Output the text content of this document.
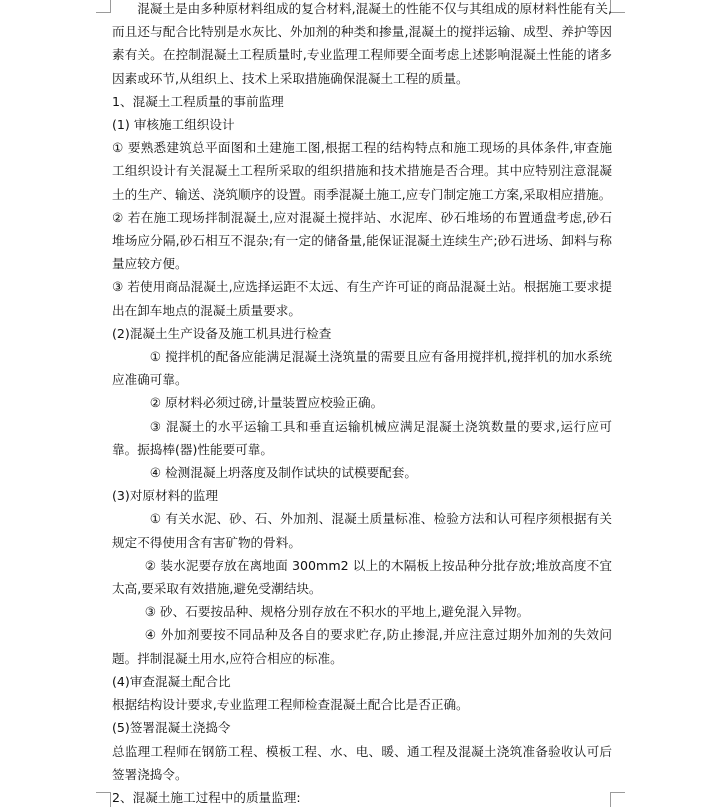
混凝土是由多种原材料组成的复合材料,混凝土的性能不仅与其组成的原材料性能有关,而且还与配合比特别是水灰比、外加剂的种类和掺量,混凝土的搅拌运输、成型、养护等因素有关。在控制混凝土工程质量时,专业监理工程师要全面考虑上述影响混凝土性能的诸多因素或环节,从组织上、技术上采取措施确保混凝土工程的质量。

1、混凝土工程质量的事前监理

(1) 审核施工组织设计

① 要熟悉建筑总平面图和土建施工图,根据工程的结构特点和施工现场的具体条件,审查施工组织设计有关混凝土工程所采取的组织措施和技术措施是否合理。其中应特别注意混凝土的生产、输送、浇筑顺序的设置。雨季混凝土施工,应专门制定施工方案,采取相应措施。

② 若在施工现场拌制混凝土,应对混凝土搅拌站、水泥库、砂石堆场的布置通盘考虑,砂石堆场应分隔,砂石相互不混杂;有一定的储备量,能保证混凝土连续生产;砂石进场、卸料与称量应较方便。

③ 若使用商品混凝土,应选择运距不太远、有生产许可证的商品混凝土站。根据施工要求提出在卸车地点的混凝土质量要求。

(2)混凝土生产设备及施工机具进行检查

① 搅拌机的配备应能满足混凝土浇筑量的需要且应有备用搅拌机,搅拌机的加水系统应准确可靠。

② 原材料必须过磅,计量装置应校验正确。

③ 混凝土的水平运输工具和垂直运输机械应满足混凝土浇筑数量的要求,运行应可靠。振捣棒(器)性能要可靠。

④ 检测混凝上坍落度及制作试块的试模要配套。

(3)对原材料的监理

① 有关水泥、砂、石、外加剂、混凝土质量标准、检验方法和认可程序须根据有关规定不得使用含有害矿物的骨料。

② 装水泥要存放在离地面 300mm2 以上的木隔板上按品种分批存放;堆放高度不宜太高,要采取有效措施,避免受潮结块。

③ 砂、石要按品种、规格分别存放在不积水的平地上,避免混入异物。

④ 外加剂要按不同品种及各自的要求贮存,防止掺混,并应注意过期外加剂的失效问题。拌制混凝土用水,应符合相应的标准。

(4)审查混凝土配合比

根据结构设计要求,专业监理工程师检查混凝土配合比是否正确。

(5)签署混凝土浇捣令

总监理工程师在钢筋工程、模板工程、水、电、暖、通工程及混凝土浇筑准备验收认可后签署浇捣令。

2、混凝土施工过程中的质量监理:
